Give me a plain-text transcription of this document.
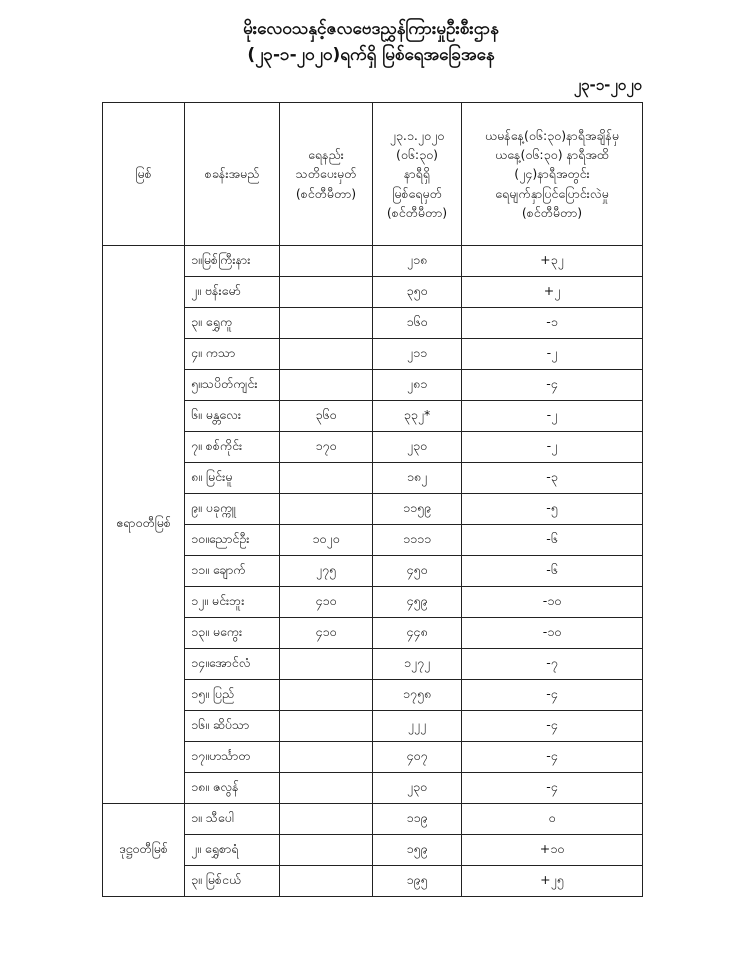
မိုးလေဝသနှင့်ဇလဗေဒညွှန်ကြားမှုဦးစီးဌာန
(၂၃-၁-၂၀၂၀)ရက်ရှိ မြစ်ရေအခြေအနေ
၂၃-၁-၂၀၂၀
မြစ်	စခန်းအမည်	ရေနည်း
သတိပေးမှတ်
(စင်တီမီတာ)	၂၃.၁.၂၀၂၀
(၀၆:၃၀)
နာရီရှိ
မြစ်ရေမှတ်
(စင်တီမီတာ)	ယမန်နေ့(၀၆:၃၀)နာရီအချိန်မှ
ယနေ့(၀၆:၃၀) နာရီအထိ
(၂၄)နာရီအတွင်း
ရေမျက်နှာပြင်ပြောင်းလဲမှု
(စင်တီမီတာ)
ဧရာဝတီမြစ်	၁။မြစ်ကြီးနား		၂၁၈	+၃၂
	၂။ ဗန်းမော်		၃၅၀	+၂
	၃။ ရွှေကူ		၁၆၀	-၁
	၄။ ကသာ		၂၁၁	-၂
	၅။သပိတ်ကျင်း		၂၈၁	-၄
	၆။ မန္တလေး	၃၆၀	၃၃၂*	-၂
	၇။ စစ်ကိုင်း	၁၇၀	၂၃၀	-၂
	၈။ မြင်းမူ		၁၈၂	-၃
	၉။ ပခုက္ကူ		၁၁၅၉	-၅
	၁၀။ညောင်ဦး	၁၀၂၀	၁၁၁၁	-၆
	၁၁။ ချောက်	၂၇၅	၄၅၀	-၆
	၁၂။ မင်းဘူး	၄၁၀	၄၅၉	-၁၀
	၁၃။ မကွေး	၄၁၀	၄၄၈	-၁၀
	၁၄။အောင်လံ		၁၂၇၂	-၇
	၁၅။ ပြည်		၁၇၅၈	-၄
	၁၆။ ဆိပ်သာ		၂၂၂	-၄
	၁၇။ဟင်္သာတ		၄၀၇	-၄
	၁၈။ ဇလွန်		၂၃၀	-၄
ဒုဋ္ဌဝတီမြစ်	၁။ သီပေါ		၁၁၉	၀
	၂။ ရွှေစာရံ		၁၅၉	+၁၀
	၃။ မြစ်ငယ်		၁၉၅	+၂၅
